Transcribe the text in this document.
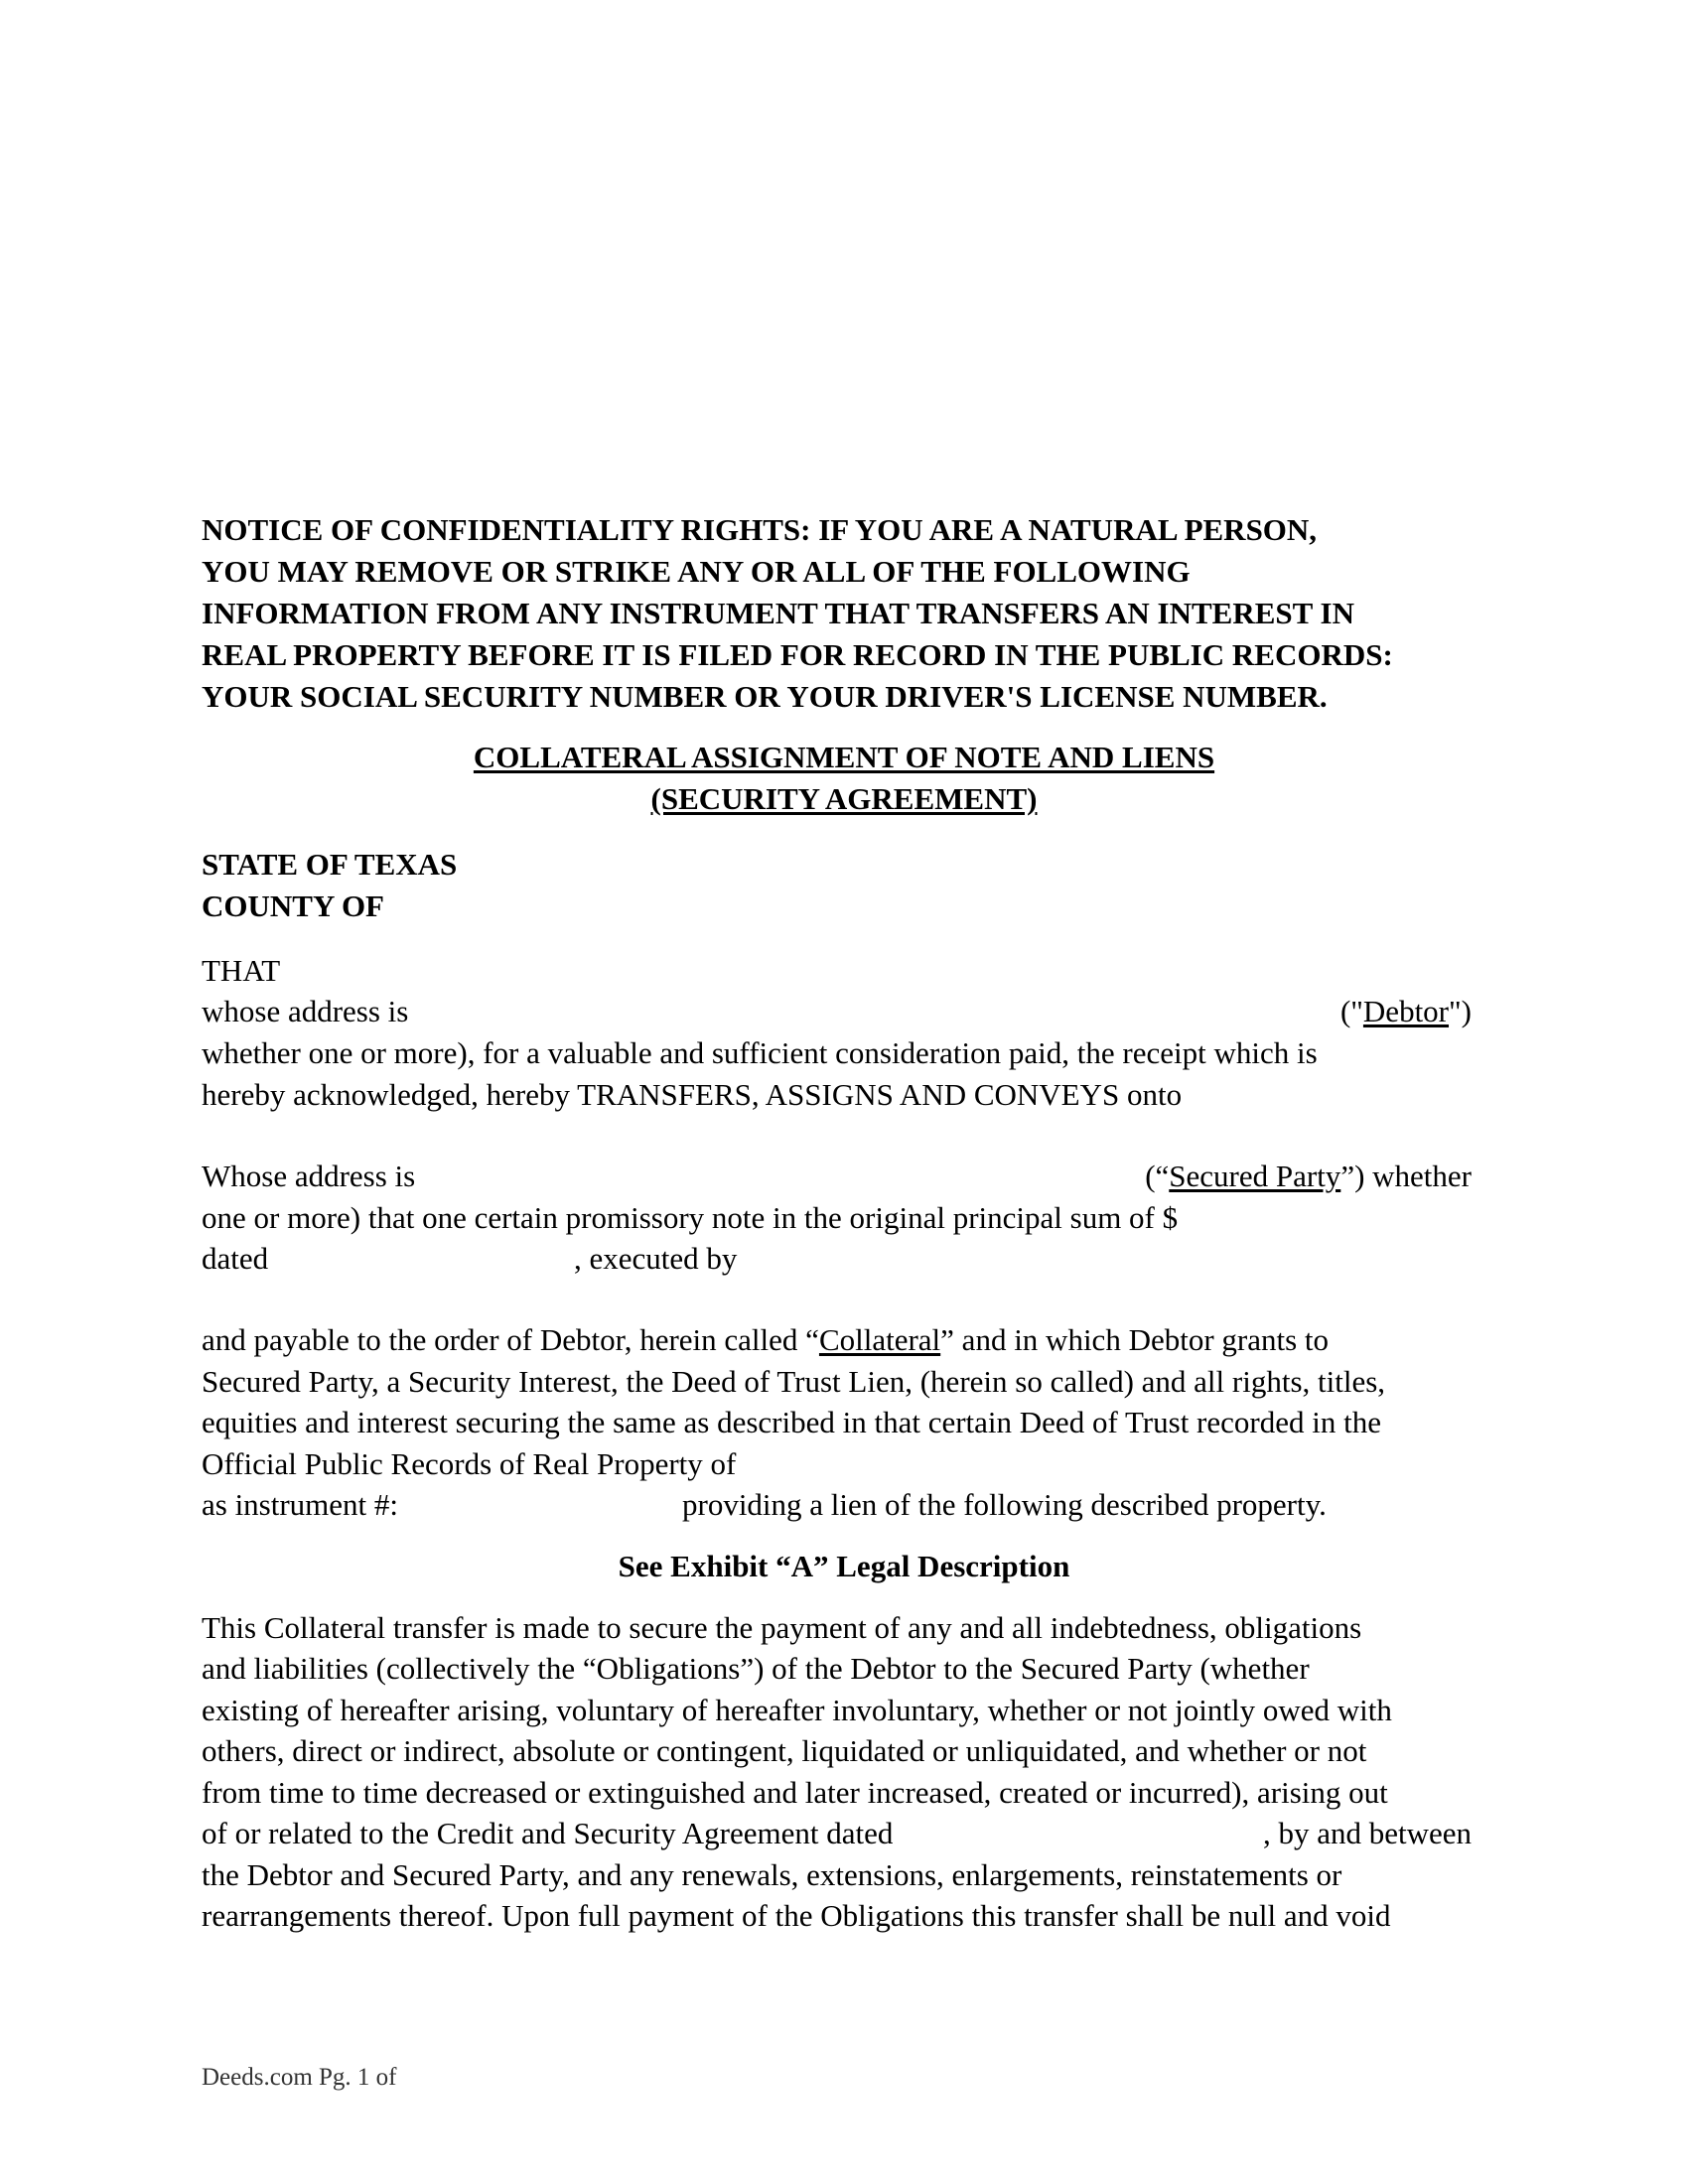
NOTICE OF CONFIDENTIALITY RIGHTS: IF YOU ARE A NATURAL PERSON,
YOU MAY REMOVE OR STRIKE ANY OR ALL OF THE FOLLOWING
INFORMATION FROM ANY INSTRUMENT THAT TRANSFERS AN INTEREST IN
REAL PROPERTY BEFORE IT IS FILED FOR RECORD IN THE PUBLIC RECORDS:
YOUR SOCIAL SECURITY NUMBER OR YOUR DRIVER'S LICENSE NUMBER.
COLLATERAL ASSIGNMENT OF NOTE AND LIENS
(SECURITY AGREEMENT)
STATE OF TEXAS
COUNTY OF
THAT
whose address is	("Debtor")
whether one or more), for a valuable and sufficient consideration paid, the receipt which is
hereby acknowledged, hereby TRANSFERS, ASSIGNS AND CONVEYS onto
Whose address is	(“Secured Party”) whether
one or more) that one certain promissory note in the original principal sum of $
dated	, executed by
and payable to the order of Debtor, herein called “Collateral” and in which Debtor grants to
Secured Party, a Security Interest, the Deed of Trust Lien, (herein so called) and all rights, titles,
equities and interest securing the same as described in that certain Deed of Trust recorded in the
Official Public Records of Real Property of
as instrument #:	providing a lien of the following described property.
See Exhibit “A” Legal Description
This Collateral transfer is made to secure the payment of any and all indebtedness, obligations
and liabilities (collectively the “Obligations”) of the Debtor to the Secured Party (whether
existing of hereafter arising, voluntary of hereafter involuntary, whether or not jointly owed with
others, direct or indirect, absolute or contingent, liquidated or unliquidated, and whether or not
from time to time decreased or extinguished and later increased, created or incurred), arising out
of or related to the Credit and Security Agreement dated	, by and between
the Debtor and Secured Party, and any renewals, extensions, enlargements, reinstatements or
rearrangements thereof. Upon full payment of the Obligations this transfer shall be null and void
Deeds.com Pg. 1 of
